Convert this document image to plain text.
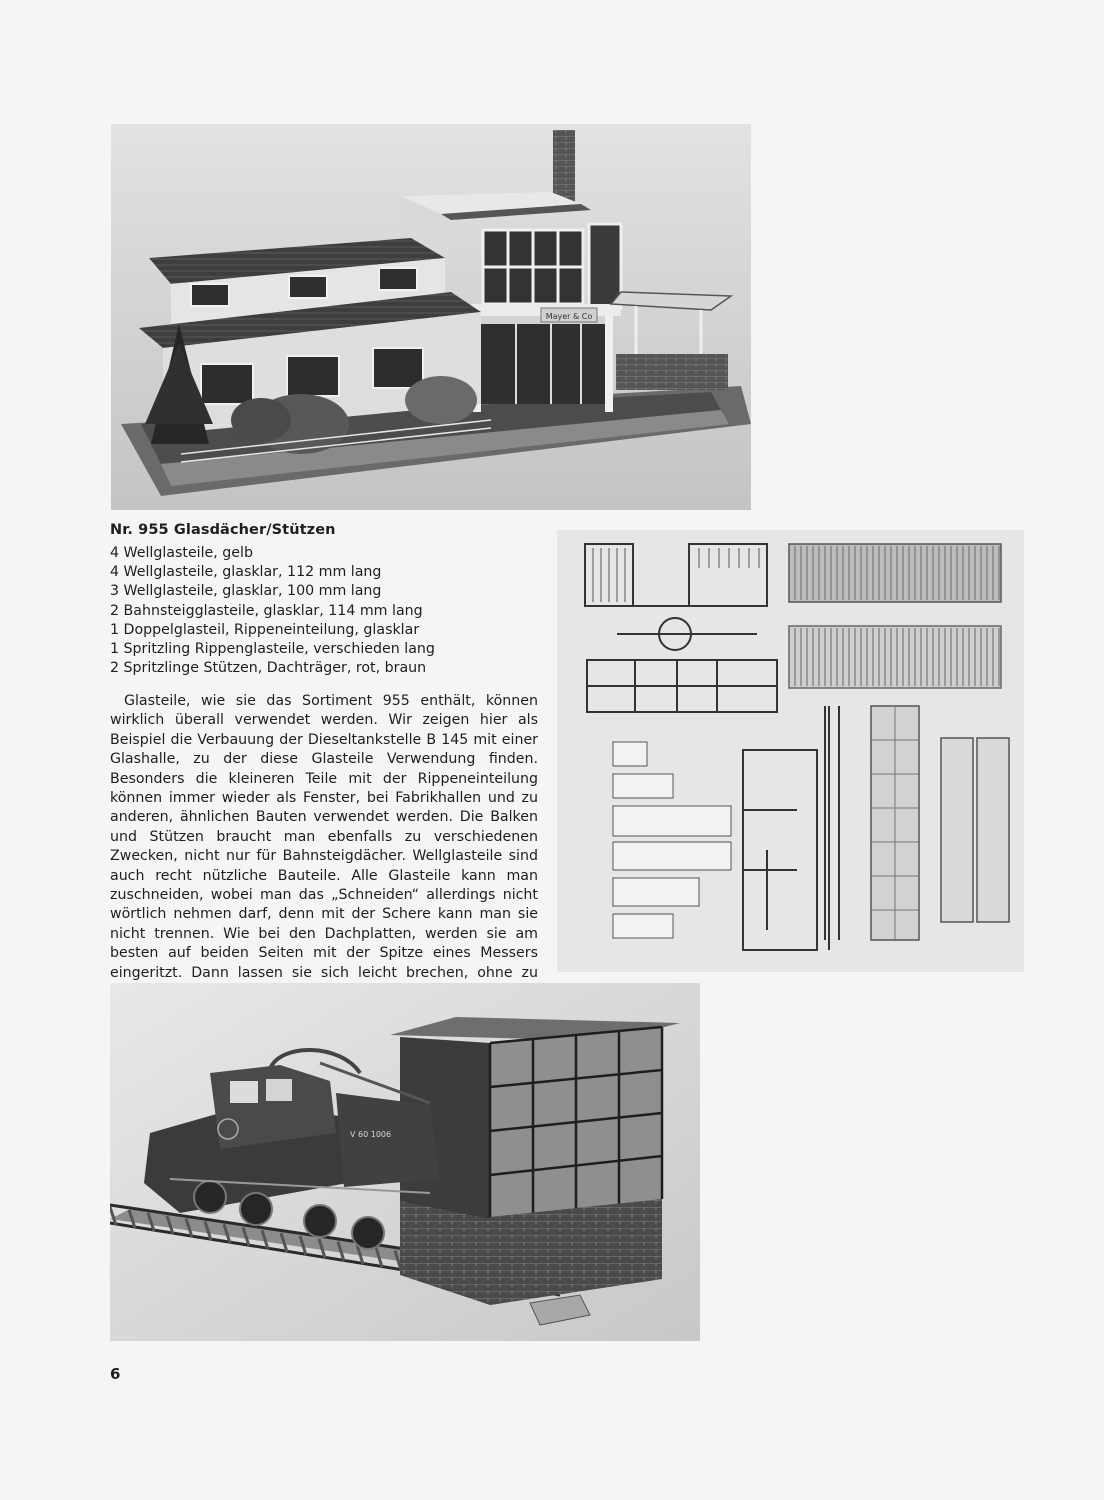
Mayer & Co
Nr. 955 Glasdächer/Stützen
4 Wellglasteile, gelb
4 Wellglasteile, glasklar, 112 mm lang
3 Wellglasteile, glasklar, 100 mm lang
2 Bahnsteigglasteile, glasklar, 114 mm lang
1 Doppelglasteil, Rippeneinteilung, glasklar
1 Spritzling Rippenglasteile, verschieden lang
2 Spritzlinge Stützen, Dachträger, rot, braun

Glasteile, wie sie das Sortiment 955 enthält, können wirklich überall verwendet werden. Wir zeigen hier als Beispiel die Verbauung der Dieseltankstelle B 145 mit einer Glashalle, zu der diese Glasteile Verwendung finden. Besonders die kleineren Teile mit der Rippeneinteilung können immer wieder als Fenster, bei Fabrikhallen und zu anderen, ähnlichen Bauten verwendet werden. Die Balken und Stützen braucht man ebenfalls zu verschiedenen Zwecken, nicht nur für Bahnsteigdächer. Wellglasteile sind auch recht nützliche Bauteile. Alle Glasteile kann man zuschneiden, wobei man das „Schneiden“ allerdings nicht wörtlich nehmen darf, denn mit der Schere kann man sie nicht trennen. Wie bei den Dachplatten, werden sie am besten auf beiden Seiten mit der Spitze eines Messers eingeritzt. Dann lassen sie sich leicht brechen, ohne zu

V 60 1006
6
